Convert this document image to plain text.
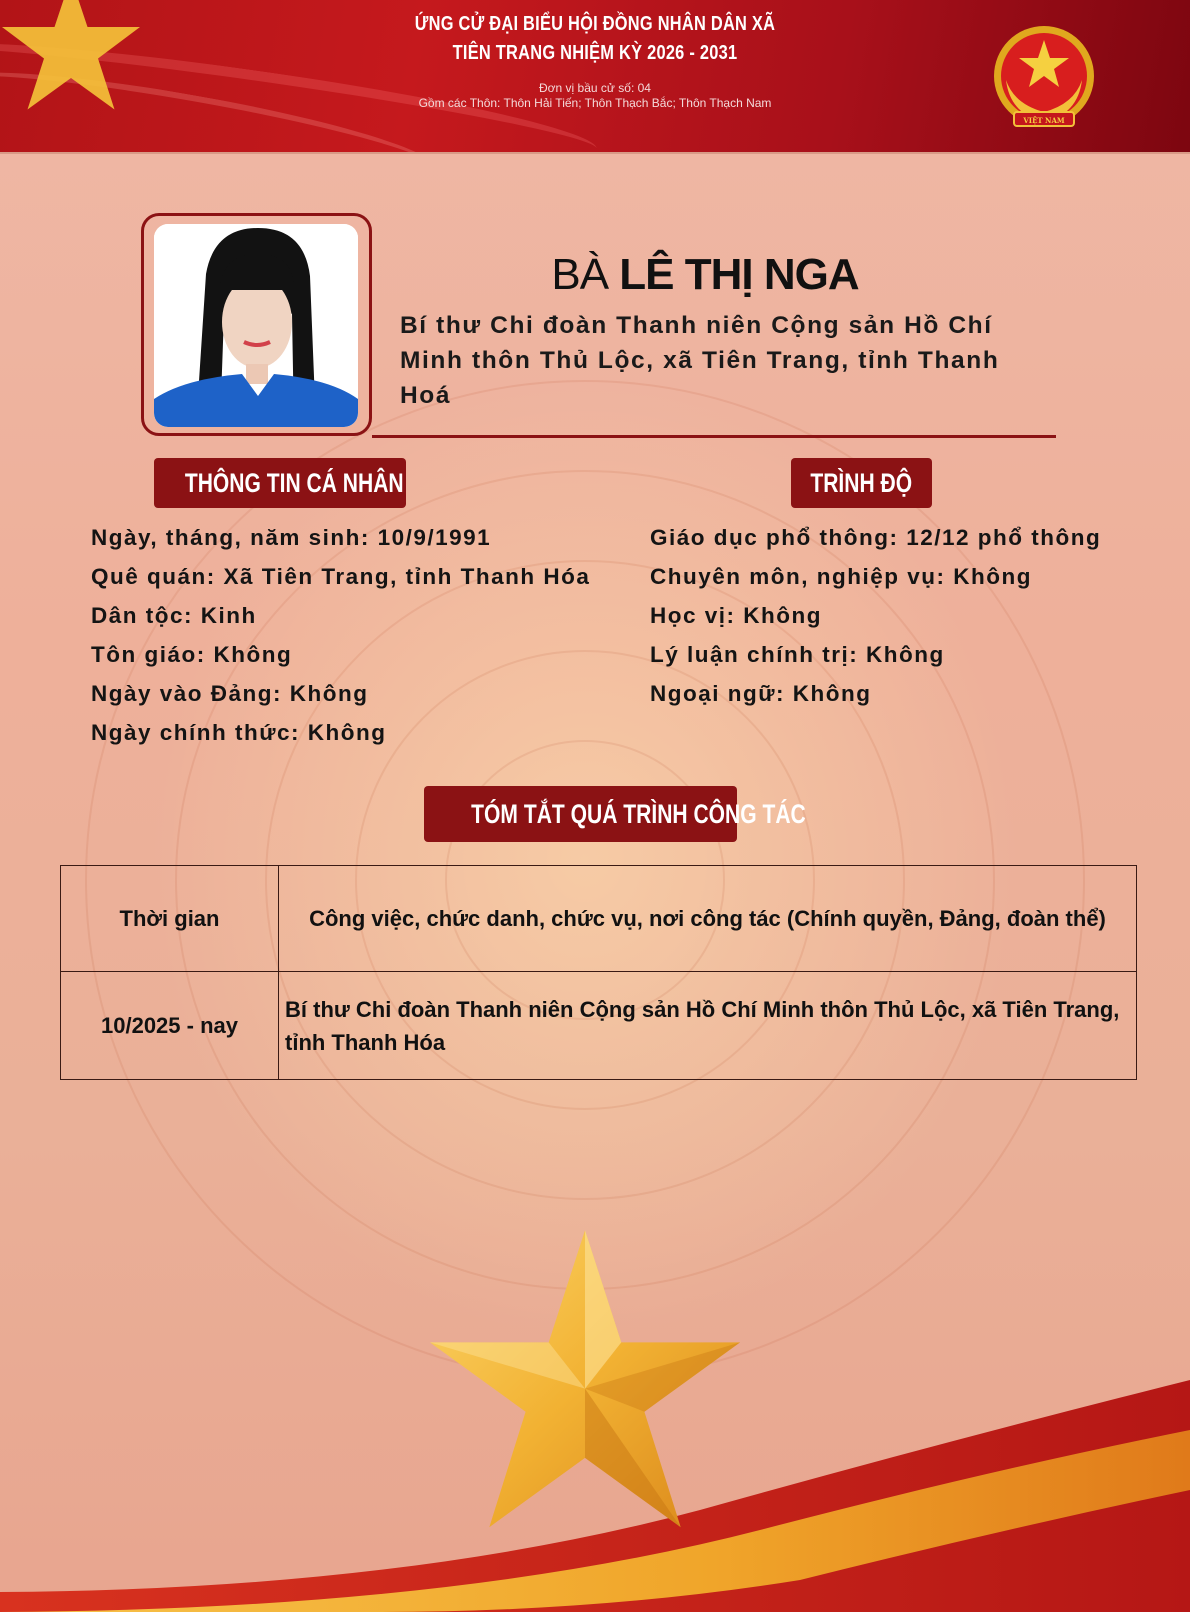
ỨNG CỬ ĐẠI BIỂU HỘI ĐỒNG NHÂN DÂN XÃ
TIÊN TRANG NHIỆM KỲ 2026 - 2031
Đơn vị bầu cử số: 04
Gồm các Thôn: Thôn Hải Tiến; Thôn Thạch Bắc; Thôn Thạch Nam
VIỆT NAM
BÀ LÊ THỊ NGA
Bí thư Chi đoàn Thanh niên Cộng sản Hồ Chí Minh thôn Thủ Lộc, xã Tiên Trang, tỉnh Thanh Hoá
THÔNG TIN CÁ NHÂN	TRÌNH ĐỘ
Ngày, tháng, năm sinh: 10/9/1991
Quê quán: Xã Tiên Trang, tỉnh Thanh Hóa
Dân tộc: Kinh
Tôn giáo: Không
Ngày vào Đảng: Không
Ngày chính thức: Không
Giáo dục phổ thông: 12/12 phổ thông
Chuyên môn, nghiệp vụ: Không
Học vị: Không
Lý luận chính trị: Không
Ngoại ngữ: Không
TÓM TẮT QUÁ TRÌNH CÔNG TÁC
Thời gian	Công việc, chức danh, chức vụ, nơi công tác (Chính quyền, Đảng, đoàn thể)
10/2025 - nay	Bí thư Chi đoàn Thanh niên Cộng sản Hồ Chí Minh thôn Thủ Lộc, xã Tiên Trang, tỉnh Thanh Hóa
